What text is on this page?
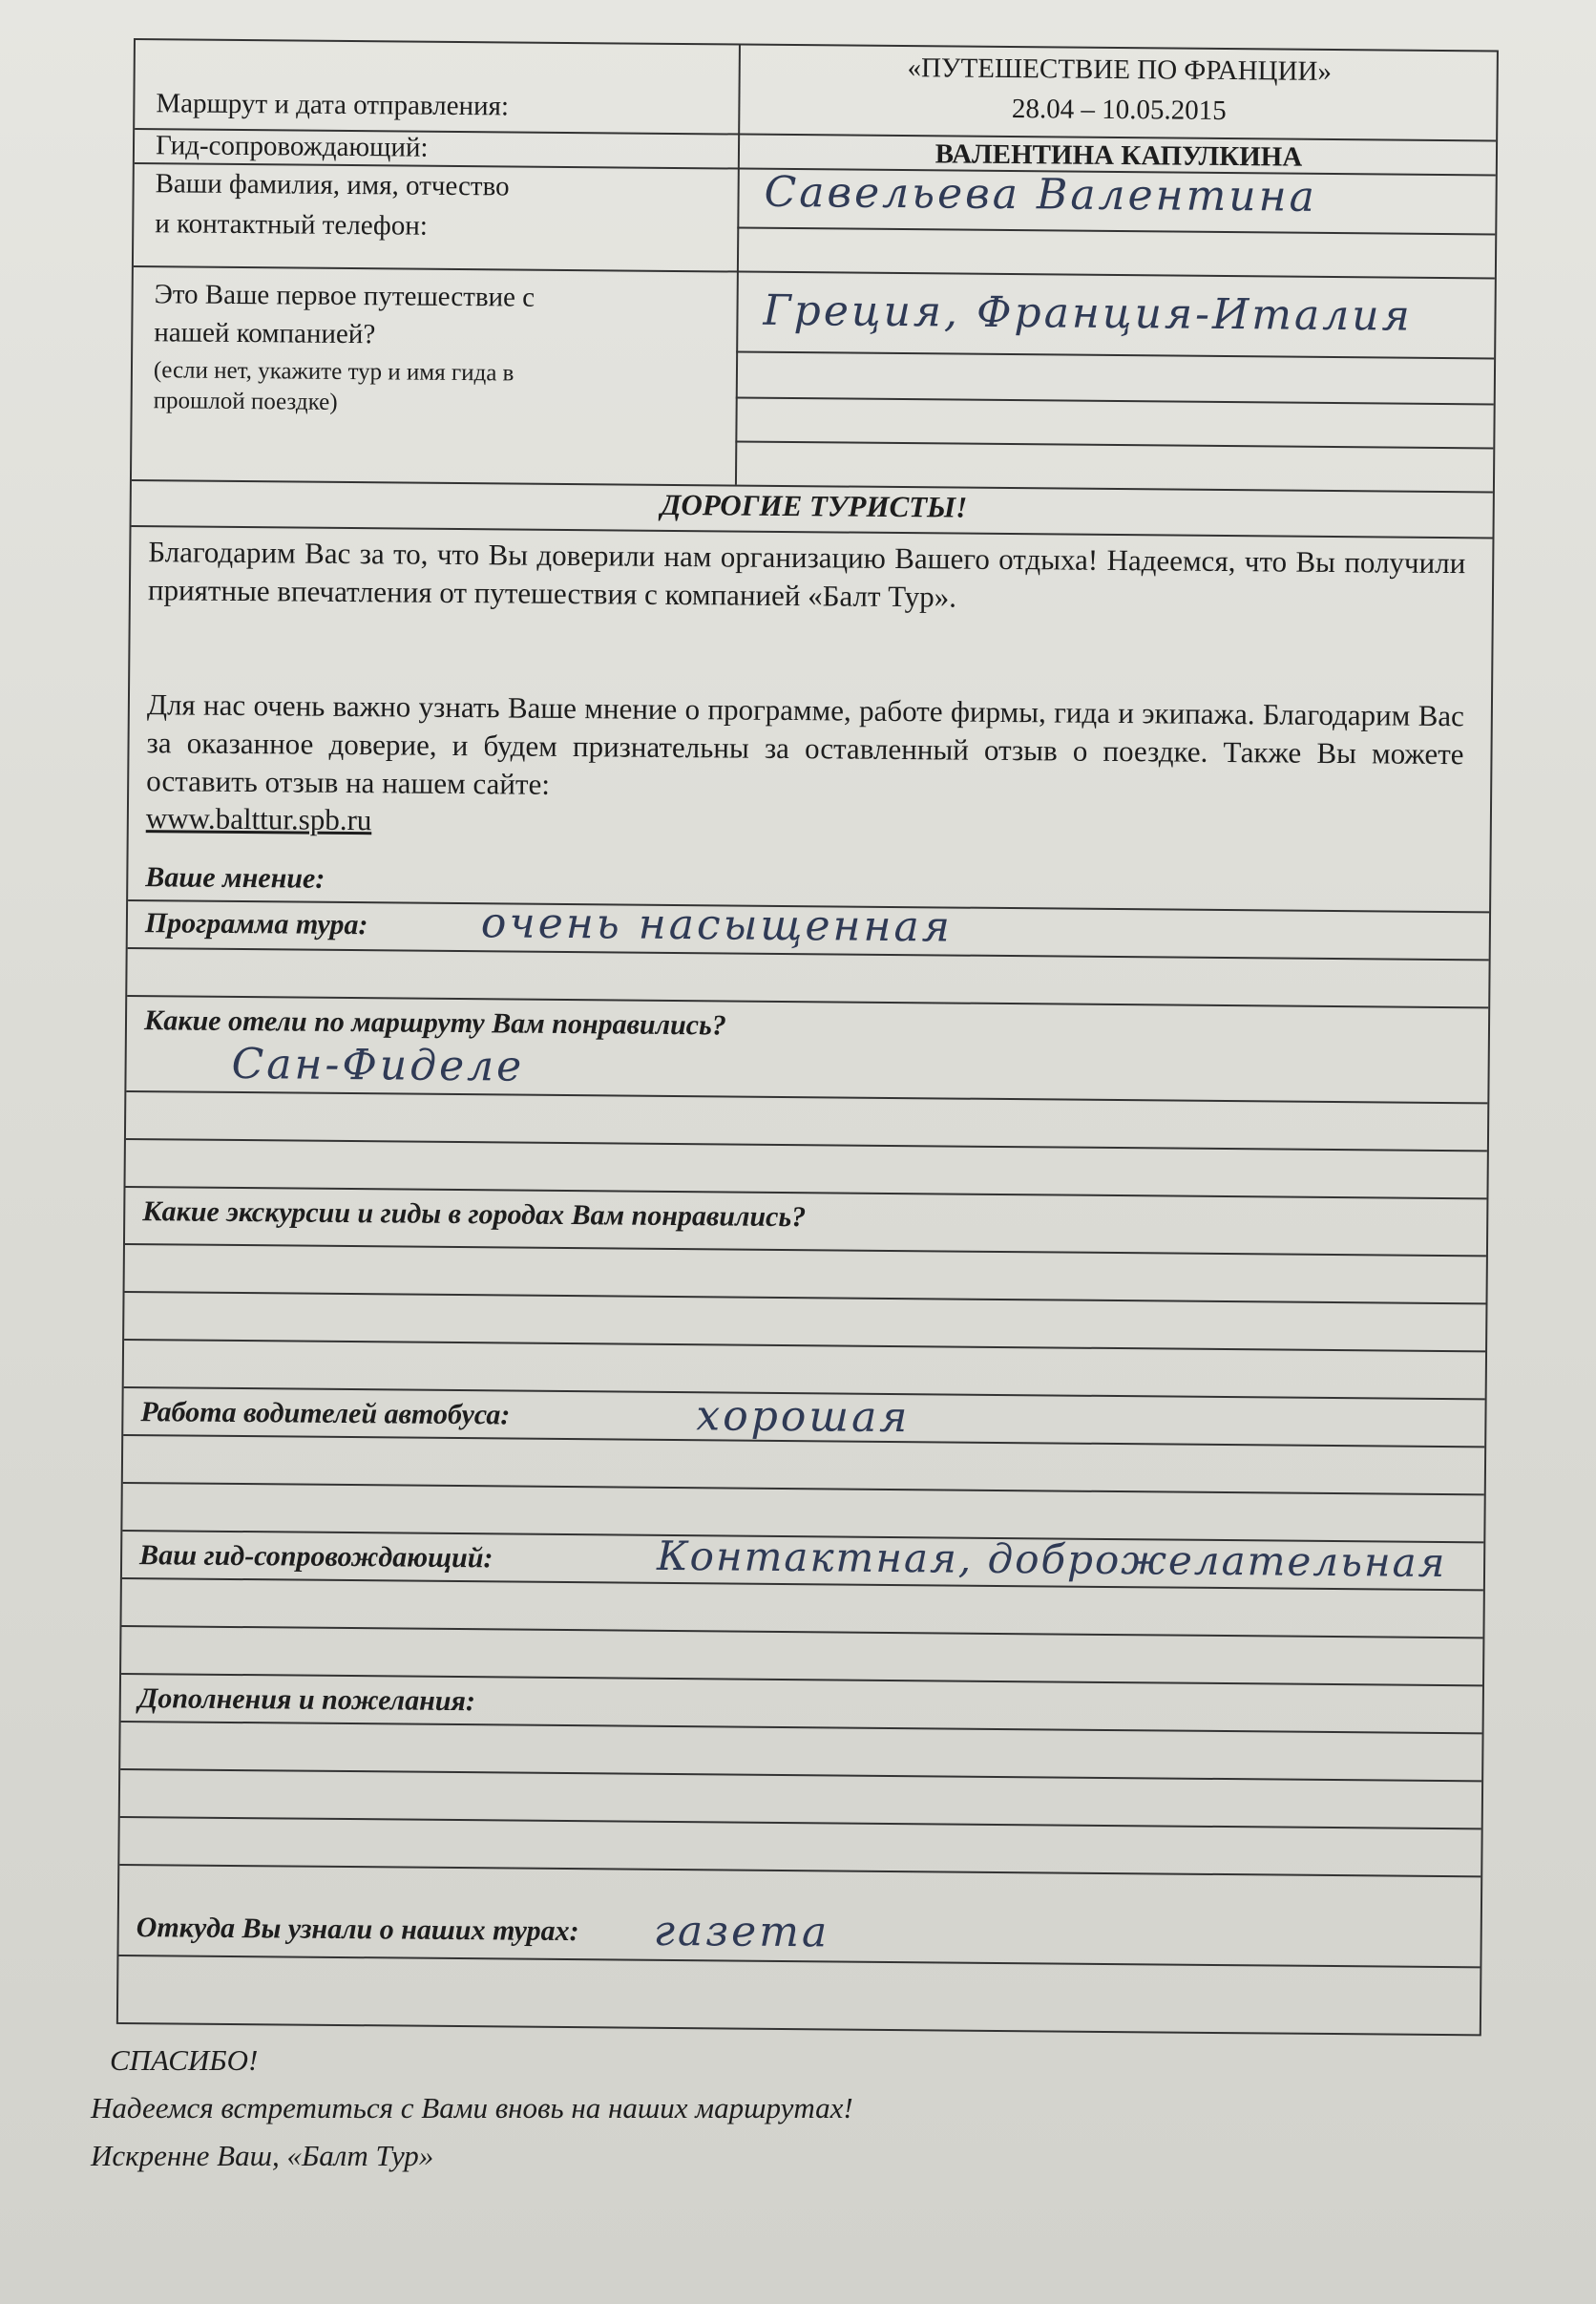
Маршрут и дата отправления:
«ПУТЕШЕСТВИЕ ПО ФРАНЦИИ»
28.04 – 10.05.2015
Гид-сопровождающий:	ВАЛЕНТИНА КАПУЛКИНА
Ваши фамилия, имя, отчество
и контактный телефон:
Савельева Валентина
Это Ваше первое путешествие с
нашей компанией?
(если нет, укажите тур и имя гида в
прошлой поездке)
Греция, Франция-Италия
ДОРОГИЕ ТУРИСТЫ!
Благодарим Вас за то, что Вы доверили нам организацию Вашего отдыха! Надеемся, что Вы получили приятные впечатления от путешествия с компанией «Балт Тур».
Для нас очень важно узнать Ваше мнение о программе, работе фирмы, гида и экипажа. Благодарим Вас за оказанное доверие, и будем признательны за оставленный отзыв о поездке. Также Вы можете оставить отзыв на нашем сайте:
www.balttur.spb.ru
Ваше мнение:
Программа тура:	очень насыщенная
Какие отели по маршруту Вам понравились?
Сан-Фиделе
Какие экскурсии и гиды в городах Вам понравились?
Работа водителей автобуса:	хорошая
Ваш гид-сопровождающий:	Контактная, доброжелательная
Дополнения и пожелания:
Откуда Вы узнали о наших турах: газета
СПАСИБО!
Надеемся встретиться с Вами вновь на наших маршрутах!
Искренне Ваш, «Балт Тур»
